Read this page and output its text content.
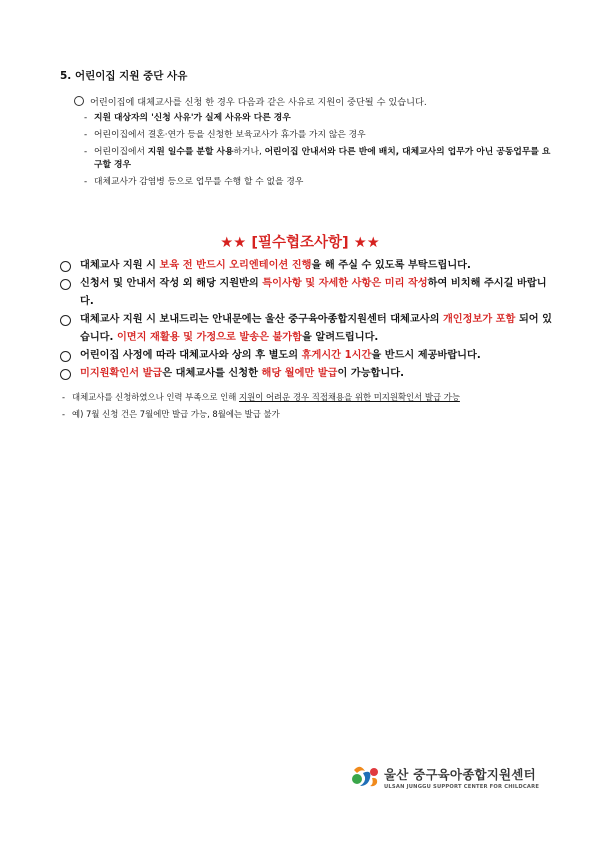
5. 어린이집 지원 중단 사유
어린이집에 대체교사를 신청 한 경우 다음과 같은 사유로 지원이 중단될 수 있습니다.
- 지원 대상자의 '신청 사유'가 실제 사유와 다른 경우
- 어린이집에서 결혼·연가 등을 신청한 보육교사가 휴가를 가지 않은 경우
- 어린이집에서 지원 일수를 분할 사용하거나, 어린이집 안내서와 다른 반에 배치, 대체교사의 업무가 아닌 공동업무를 요구할 경우
- 대체교사가 감염병 등으로 업무를 수행 할 수 없을 경우
★★ [필수협조사항] ★★
대체교사 지원 시 보육 전 반드시 오리엔테이션 진행을 해 주실 수 있도록 부탁드립니다.
신청서 및 안내서 작성 외 해당 지원반의 특이사항 및 자세한 사항은 미리 작성하여 비치해 주시길 바랍니다.
대체교사 지원 시 보내드리는 안내문에는 울산 중구육아종합지원센터 대체교사의 개인정보가 포함 되어 있습니다. 이면지 재활용 및 가정으로 발송은 불가함을 알려드립니다.
어린이집 사정에 따라 대체교사와 상의 후 별도의 휴게시간 1시간을 반드시 제공바랍니다.
미지원확인서 발급은 대체교사를 신청한 해당 월에만 발급이 가능합니다.
- 대체교사를 신청하였으나 인력 부족으로 인해 지원이 어려운 경우 직접채용을 위한 미지원확인서 발급 가능
- 예) 7월 신청 건은 7월에만 발급 가능, 8월에는 발급 불가
울산 중구육아종합지원센터
ULSAN JUNGGU SUPPORT CENTER FOR CHILDCARE
